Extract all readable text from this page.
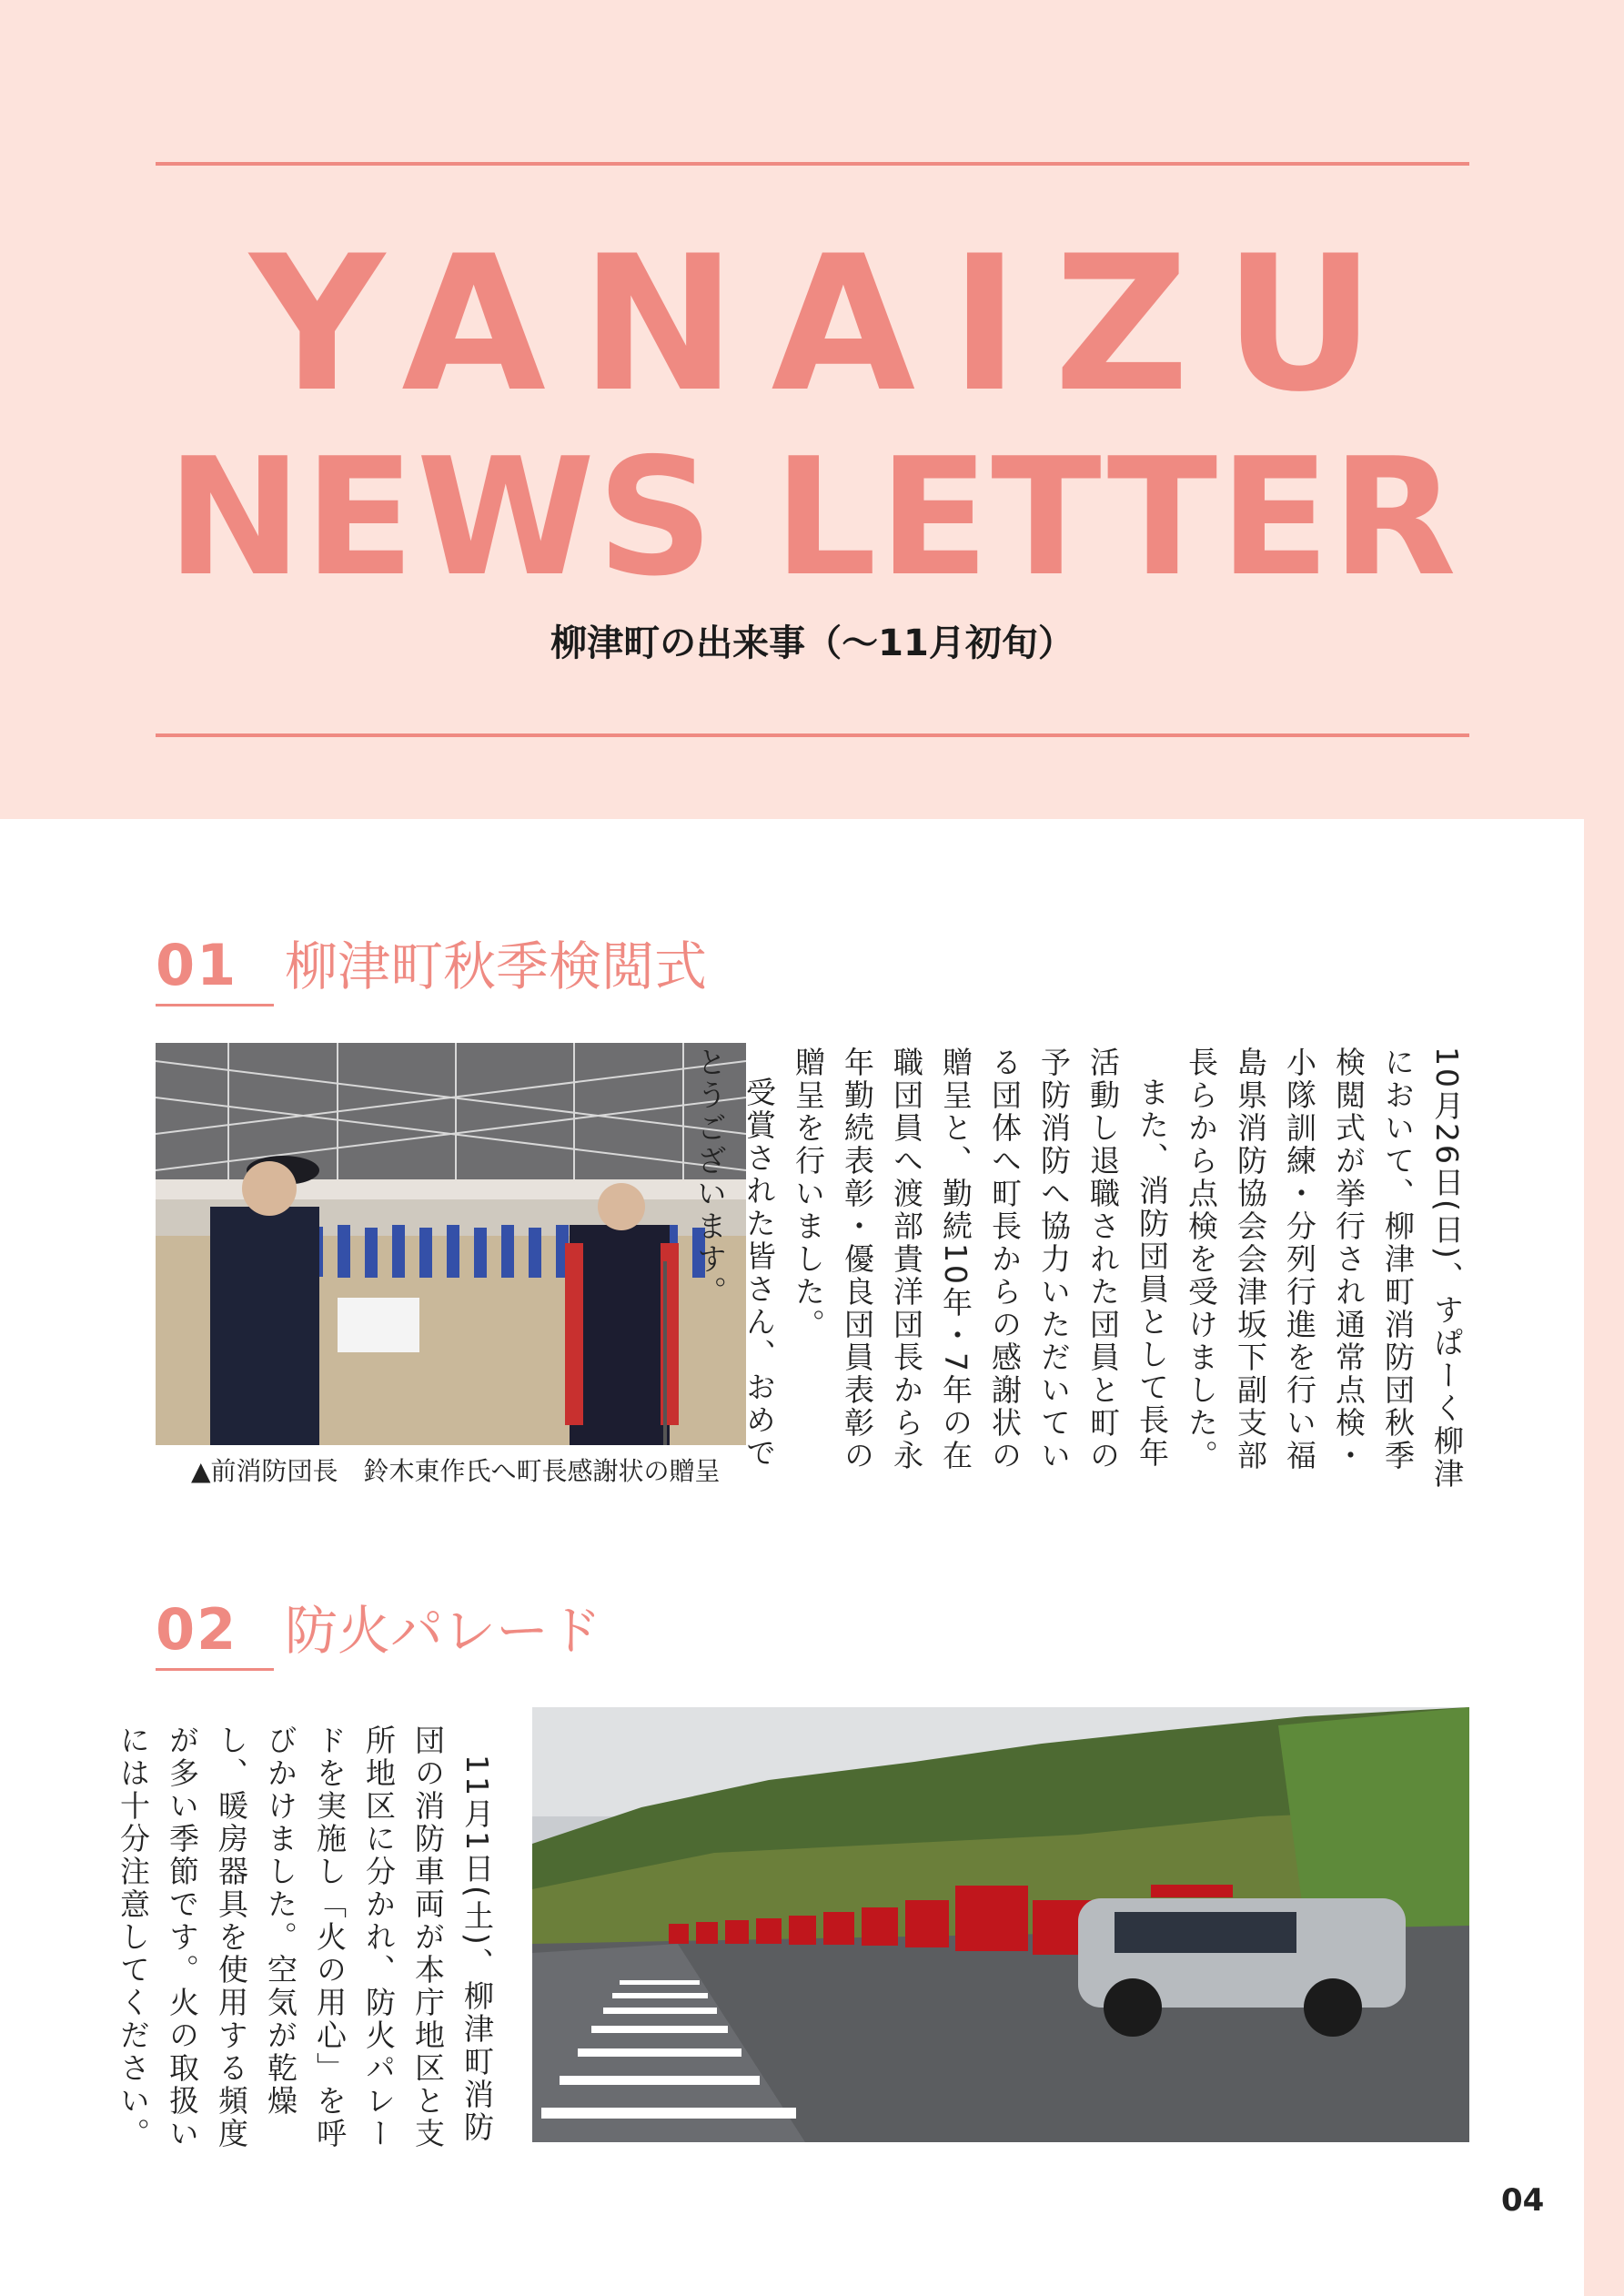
YANAIZU
NEWS LETTER
柳津町の出来事（〜11月初旬）
01 柳津町秋季検閲式
▲前消防団長　鈴木東作氏へ町長感謝状の贈呈	10月26日(日)、すぱーく柳津において、柳津町消防団秋季検閲式が挙行され通常点検・小隊訓練・分列行進を行い福島県消防協会会津坂下副支部長らから点検を受けました。

また、消防団員として長年活動し退職された団員と町の予防消防へ協力いただいている団体へ町長からの感謝状の贈呈と、勤続10年・7年の在職団員へ渡部貴洋団長から永年勤続表彰・優良団員表彰の贈呈を行いました。

受賞された皆さん、おめでとうございます。

02 防火パレード

11月1日(土)、柳津町消防団の消防車両が本庁地区と支所地区に分かれ、防火パレードを実施し「火の用心」を呼びかけました。空気が乾燥し、暖房器具を使用する頻度が多い季節です。火の取扱いには十分注意してください。

04
